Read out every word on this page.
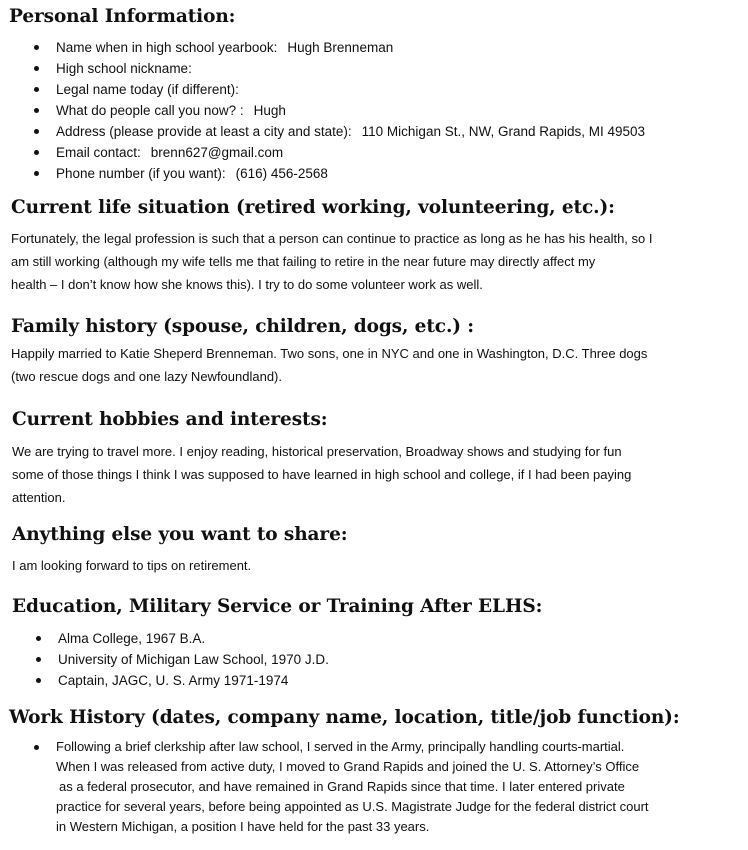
Personal Information:
Name when in high school yearbook: Hugh Brenneman
High school nickname:
Legal name today (if different):
What do people call you now? : Hugh
Address (please provide at least a city and state): 110 Michigan St., NW, Grand Rapids, MI 49503
Email contact: brenn627@gmail.com
Phone number (if you want): (616) 456-2568
Current life situation (retired working, volunteering, etc.):
Fortunately, the legal profession is such that a person can continue to practice as long as he has his health, so I
am still working (although my wife tells me that failing to retire in the near future may directly affect my
health – I don’t know how she knows this). I try to do some volunteer work as well.
Family history (spouse, children, dogs, etc.) :
Happily married to Katie Sheperd Brenneman. Two sons, one in NYC and one in Washington, D.C. Three dogs
(two rescue dogs and one lazy Newfoundland).
Current hobbies and interests:
We are trying to travel more. I enjoy reading, historical preservation, Broadway shows and studying for fun
some of those things I think I was supposed to have learned in high school and college, if I had been paying
attention.
Anything else you want to share:
I am looking forward to tips on retirement.
Education, Military Service or Training After ELHS:
Alma College, 1967 B.A.
University of Michigan Law School, 1970 J.D.
Captain, JAGC, U. S. Army 1971-1974
Work History (dates, company name, location, title/job function):
Following a brief clerkship after law school, I served in the Army, principally handling courts-martial.
When I was released from active duty, I moved to Grand Rapids and joined the U. S. Attorney’s Office
as a federal prosecutor, and have remained in Grand Rapids since that time. I later entered private
practice for several years, before being appointed as U.S. Magistrate Judge for the federal district court
in Western Michigan, a position I have held for the past 33 years.
